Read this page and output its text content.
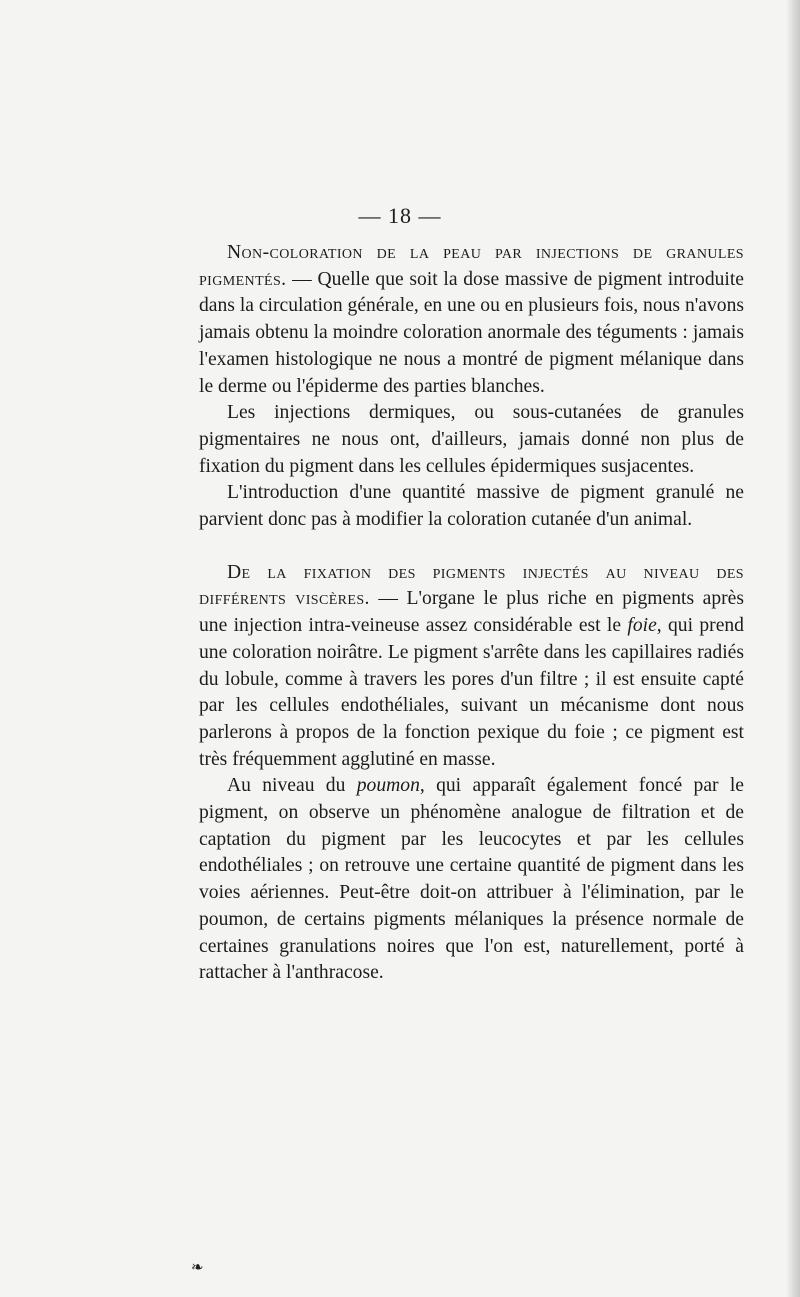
— 18 —

Non-coloration de la peau par injections de granules pigmentés. — Quelle que soit la dose massive de pigment introduite dans la circulation générale, en une ou en plusieurs fois, nous n'avons jamais obtenu la moindre coloration anormale des téguments : jamais l'examen histologique ne nous a montré de pigment mélanique dans le derme ou l'épiderme des parties blanches.

Les injections dermiques, ou sous-cutanées de granules pigmentaires ne nous ont, d'ailleurs, jamais donné non plus de fixation du pigment dans les cellules épidermiques susjacentes.

L'introduction d'une quantité massive de pigment granulé ne parvient donc pas à modifier la coloration cutanée d'un animal.

De la fixation des pigments injectés au niveau des différents viscères. — L'organe le plus riche en pigments après une injection intra-veineuse assez considérable est le foie, qui prend une coloration noirâtre. Le pigment s'arrête dans les capillaires radiés du lobule, comme à travers les pores d'un filtre ; il est ensuite capté par les cellules endothéliales, suivant un mécanisme dont nous parlerons à propos de la fonction pexique du foie ; ce pigment est très fréquemment agglutiné en masse.

Au niveau du poumon, qui apparaît également foncé par le pigment, on observe un phénomène analogue de filtration et de captation du pigment par les leucocytes et par les cellules endothéliales ; on retrouve une certaine quantité de pigment dans les voies aériennes. Peut-être doit-on attribuer à l'élimination, par le poumon, de certains pigments mélaniques la présence normale de certaines granulations noires que l'on est, naturellement, porté à rattacher à l'anthracose.

❧
